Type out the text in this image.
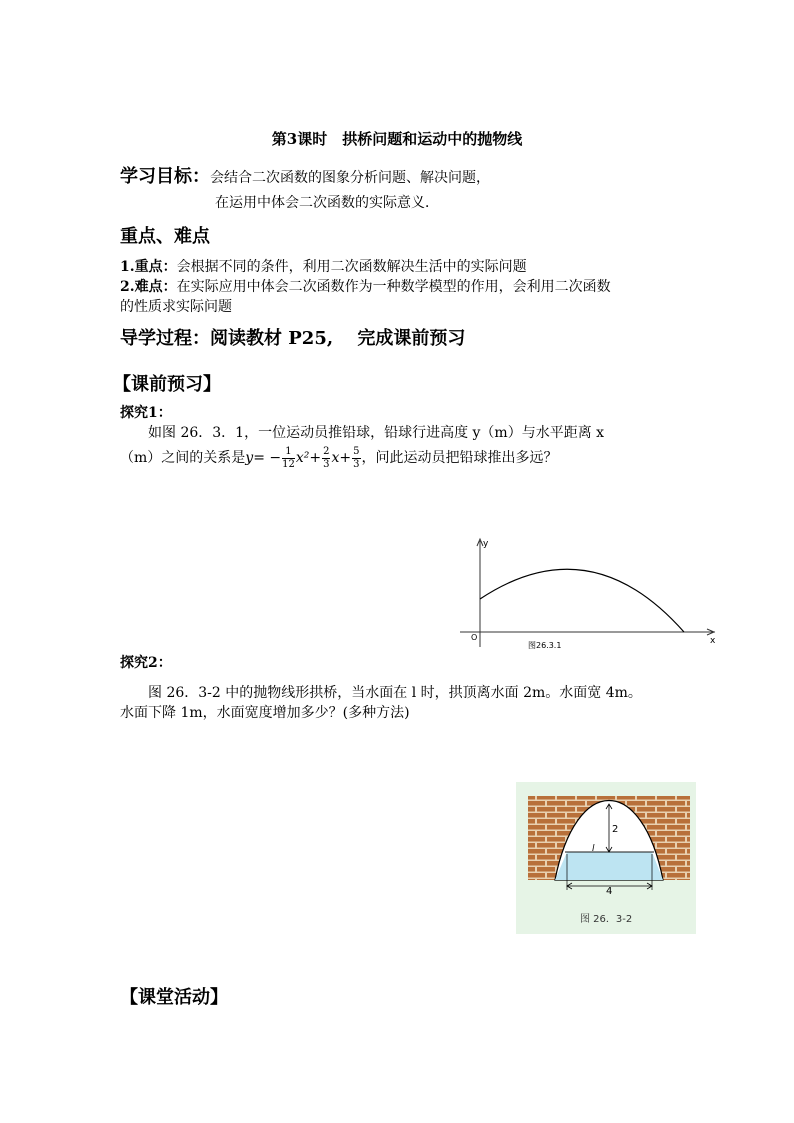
第3课时　拱桥问题和运动中的抛物线
学习目标：会结合二次函数的图象分析问题、解决问题，
在运用中体会二次函数的实际意义．
重点、难点
1.重点：会根据不同的条件，利用二次函数解决生活中的实际问题
2.难点：在实际应用中体会二次函数作为一种数学模型的作用，会利用二次函数
的性质求实际问题
导学过程：阅读教材 P25,　 完成课前预习
【课前预习】
探究1：
如图 26．3．1，一位运动员推铅球，铅球行进高度 y（m）与水平距离 x
（m）之间的关系是$y= - \frac{1}{12} x^2+ \frac{2}{3} x+ \frac{5}{3}$ ，问此运动员把铅球推出多远？
y
x
O
图26.3.1
探究2：
图 26．3-2 中的抛物线形拱桥，当水面在 l 时，拱顶离水面 2m。水面宽 4m。
水面下降 1m，水面宽度增加多少？(多种方法)
2
l
4
图 26．3-2
【课堂活动】
